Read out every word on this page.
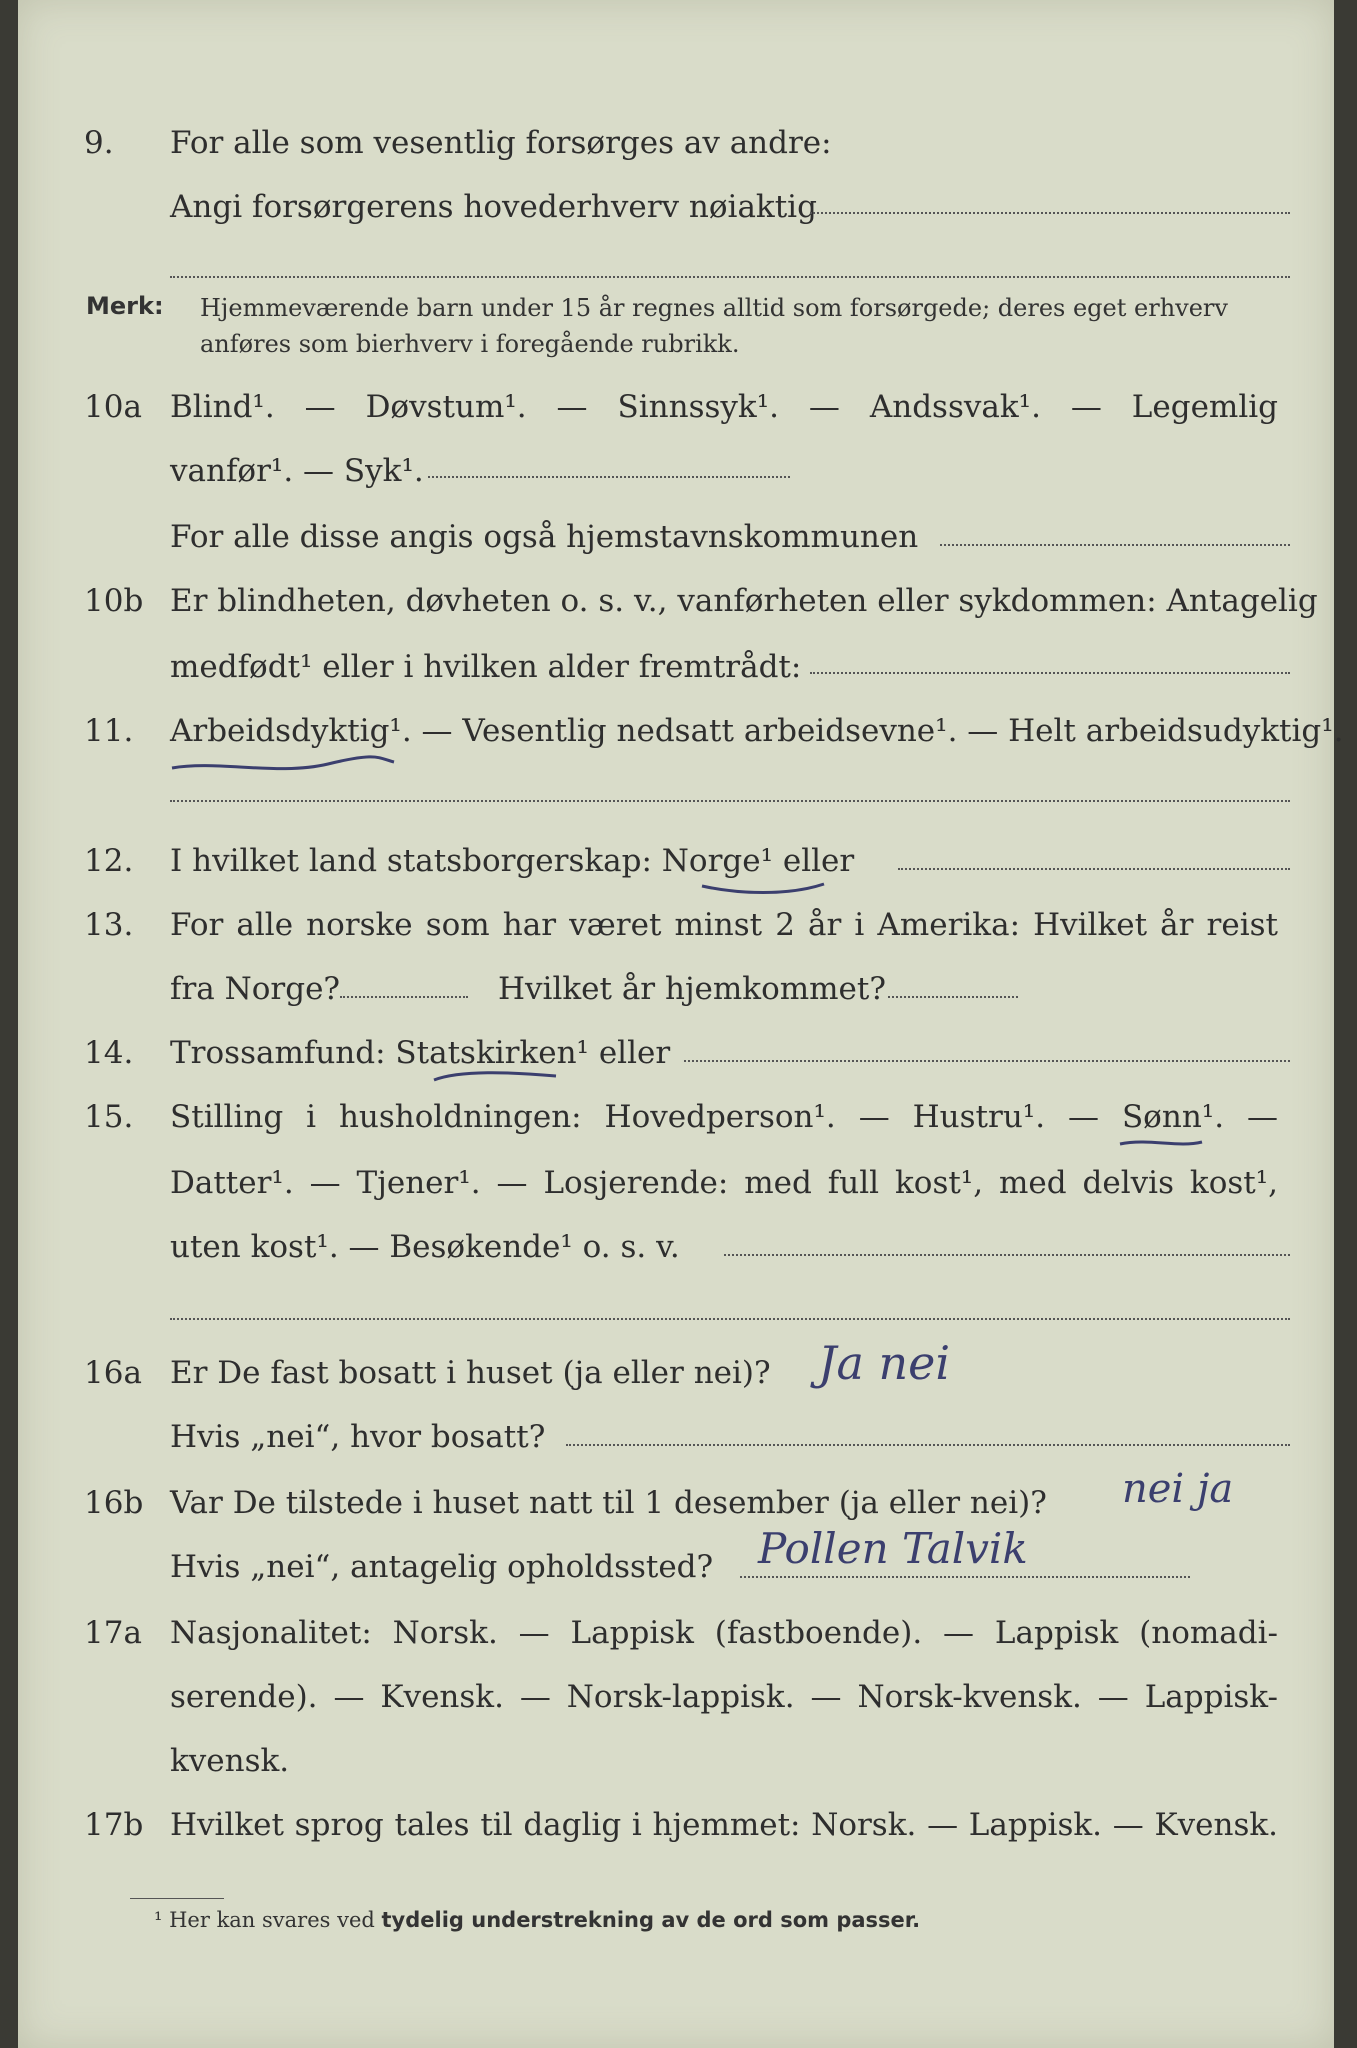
9. For alle som vesentlig forsørges av andre:
Angi forsørgerens hovederhverv nøiaktig
Merk: Hjemmeværende barn under 15 år regnes alltid som forsørgede; deres eget erhverv
anføres som bierhverv i foregående rubrikk.
10a Blind¹. — Døvstum¹. — Sinnssyk¹. — Andssvak¹. — Legemlig
vanfør¹. — Syk¹.
For alle disse angis også hjemstavnskommunen
10b Er blindheten, døvheten o. s. v., vanførheten eller sykdommen: Antagelig
medfødt¹ eller i hvilken alder fremtrådt:
11. Arbeidsdyktig¹. — Vesentlig nedsatt arbeidsevne¹. — Helt arbeidsudyktig¹.
12. I hvilket land statsborgerskap: Norge¹ eller
13. For alle norske som har været minst 2 år i Amerika: Hvilket år reist
fra Norge?	Hvilket år hjemkommet?
14. Trossamfund: Statskirken¹ eller
15. Stilling i husholdningen: Hovedperson¹. — Hustru¹. — Sønn¹. —
Datter¹. — Tjener¹. — Losjerende: med full kost¹, med delvis kost¹,
uten kost¹. — Besøkende¹ o. s. v.
16a Er De fast bosatt i huset (ja eller nei)? Ja nei
Hvis „nei“, hvor bosatt?
16b Var De tilstede i huset natt til 1 desember (ja eller nei)? nei ja
Hvis „nei“, antagelig opholdssted? Pollen Talvik
17a Nasjonalitet: Norsk. — Lappisk (fastboende). — Lappisk (nomadi-
serende). — Kvensk. — Norsk-lappisk. — Norsk-kvensk. — Lappisk-
kvensk.
17b Hvilket sprog tales til daglig i hjemmet: Norsk. — Lappisk. — Kvensk.
¹ Her kan svares ved tydelig understrekning av de ord som passer.
